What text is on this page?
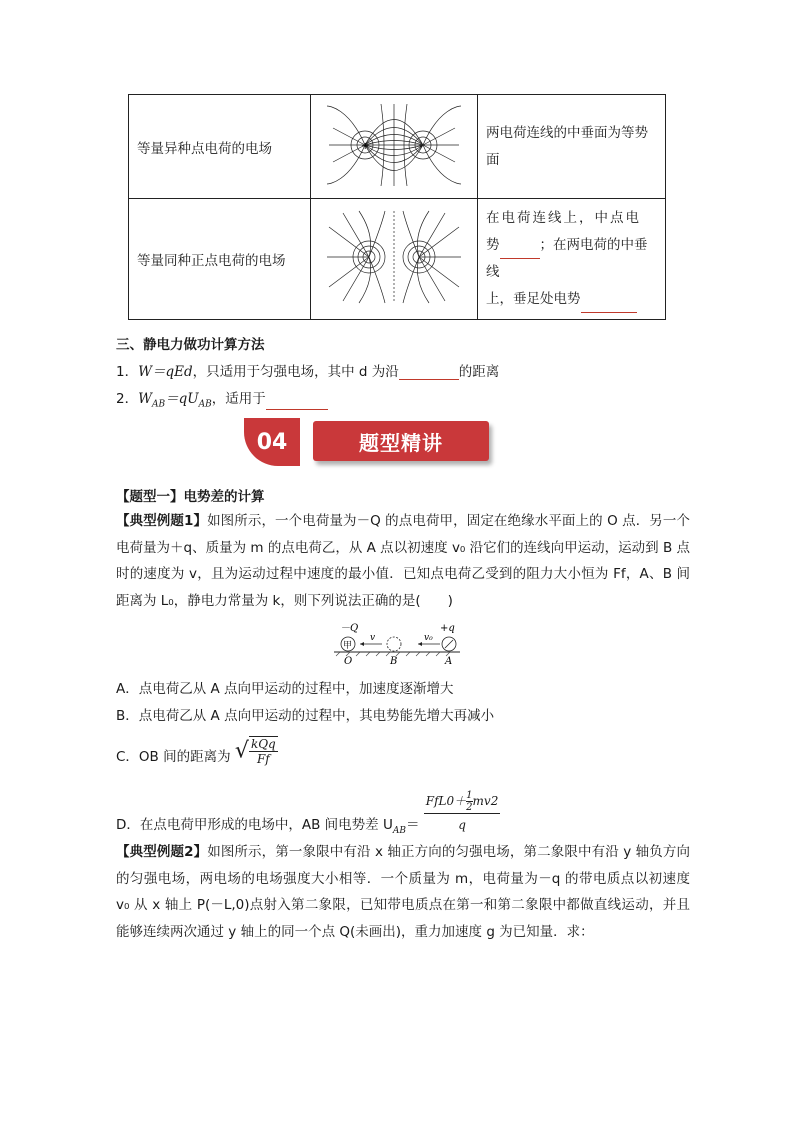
等量异种点电荷的电场	+ -	两电荷连线的中垂面为等势面
等量同种正点电荷的电场		在电荷连线上，中点电
势 ；在两电荷的中垂线
上，垂足处电势
三、静电力做功计算方法
1．W＝qEd，只适用于匀强电场，其中 d 为沿	的距离
2．$W_{AB}=qU_{AB}$，适用于
04	题型精讲
【题型一】电势差的计算
【典型例题1】如图所示，一个电荷量为－Q 的点电荷甲，固定在绝缘水平面上的 O 点．另一个电荷量为＋q、质量为 m 的点电荷乙，从 A 点以初速度 v₀ 沿它们的连线向甲运动，运动到 B 点时的速度为 v，且为运动过程中速度的最小值．已知点电荷乙受到的阻力大小恒为 Ff，A、B 间距离为 L₀，静电力常量为 k，则下列说法正确的是(　　)
－Q	+q
甲
v	v₀
O	B	A
A．点电荷乙从 A 点向甲运动的过程中，加速度逐渐增大
B．点电荷乙从 A 点向甲运动的过程中，其电势能先增大再减小
C．OB 间的距离为 √ $\frac{\text{kQq}}{Ff}$
D．在点电荷甲形成的电场中，AB 间电势差 $U_{AB}= \frac{FfL0+ \frac{1}{2} mv2}{q}$
【典型例题2】如图所示，第一象限中有沿 x 轴正方向的匀强电场，第二象限中有沿 y 轴负方向的匀强电场，两电场的电场强度大小相等．一个质量为 m，电荷量为－q 的带电质点以初速度 v₀ 从 x 轴上 P(－L,0)点射入第二象限，已知带电质点在第一和第二象限中都做直线运动，并且能够连续两次通过 y 轴上的同一个点 Q(未画出)，重力加速度 g 为已知量．求：
